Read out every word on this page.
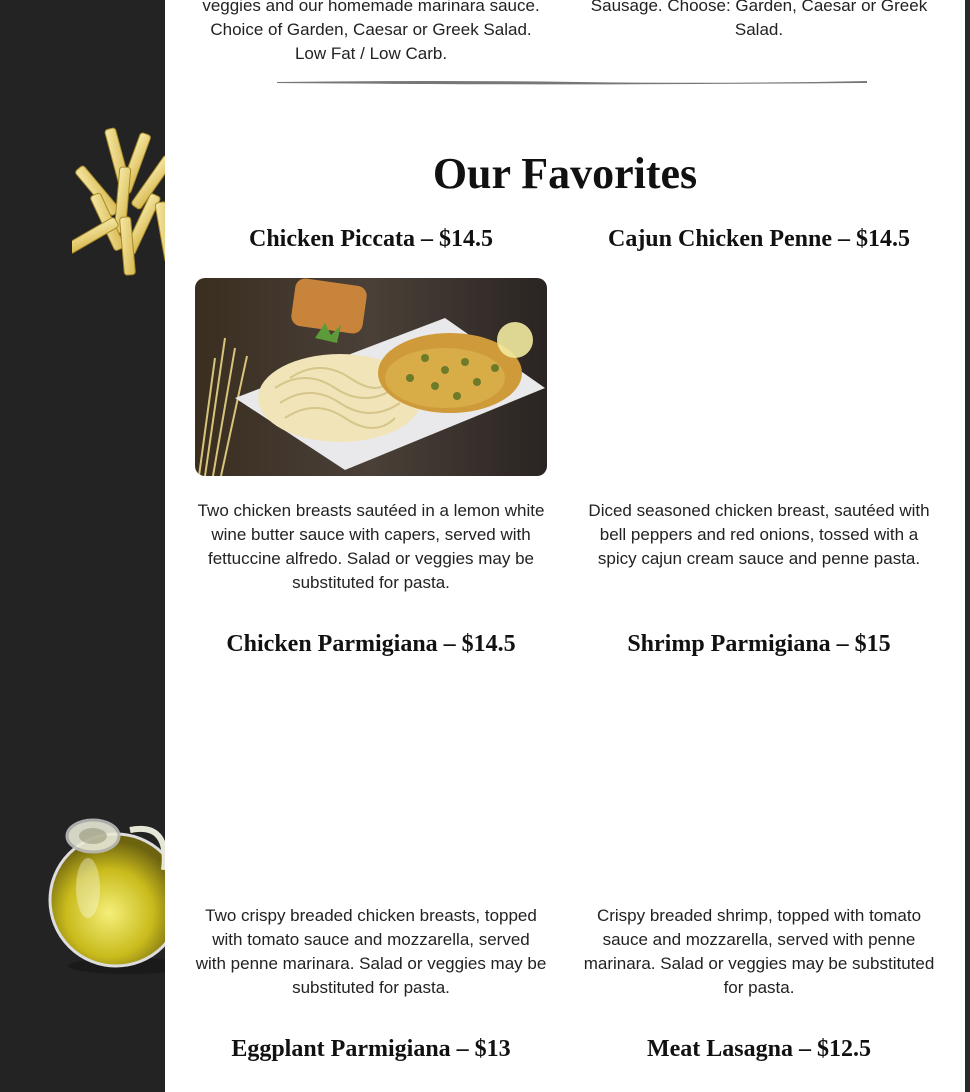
veggies and our homemade marinara sauce. Choice of Garden, Caesar or Greek Salad. Low Fat / Low Carb.

Sausage. Choose: Garden, Caesar or Greek Salad.

Our Favorites
Chicken Piccata – $14.5	Cajun Chicken Penne – $14.5

Two chicken breasts sautéed in a lemon white wine butter sauce with capers, served with fettuccine alfredo. Salad or veggies may be substituted for pasta.

Diced seasoned chicken breast, sautéed with bell peppers and red onions, tossed with a spicy cajun cream sauce and penne pasta.

Chicken Parmigiana – $14.5	Shrimp Parmigiana – $15

Two crispy breaded chicken breasts, topped with tomato sauce and mozzarella, served with penne marinara. Salad or veggies may be substituted for pasta.

Crispy breaded shrimp, topped with tomato sauce and mozzarella, served with penne marinara. Salad or veggies may be substituted for pasta.

Eggplant Parmigiana – $13	Meat Lasagna – $12.5
